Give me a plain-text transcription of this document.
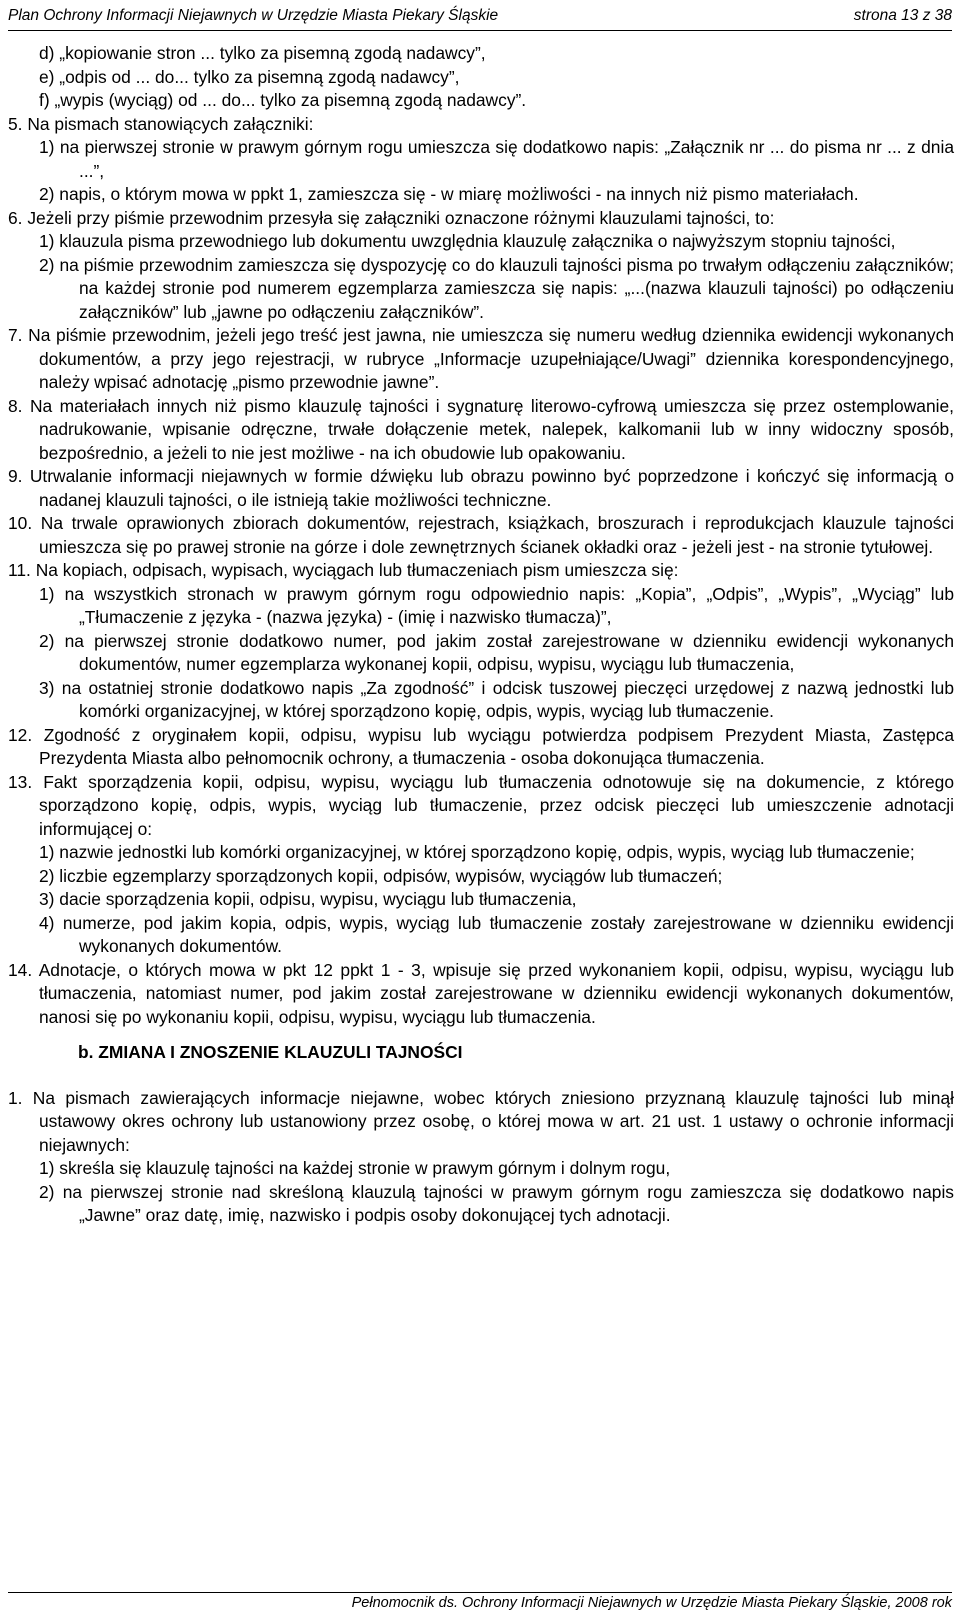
Plan Ochrony Informacji Niejawnych w Urzędzie Miasta Piekary Śląskie	strona 13 z 38
d) „kopiowanie stron ... tylko za pisemną zgodą nadawcy”,
e) „odpis od ... do... tylko za pisemną zgodą nadawcy”,
f) „wypis (wyciąg) od ... do... tylko za pisemną zgodą nadawcy”.
5. Na pismach stanowiących załączniki:
1) na pierwszej stronie w prawym górnym rogu umieszcza się dodatkowo napis: „Załącznik nr ... do pisma nr ... z dnia ...”,
2) napis, o którym mowa w ppkt 1, zamieszcza się - w miarę możliwości - na innych niż pismo materiałach.
6. Jeżeli przy piśmie przewodnim przesyła się załączniki oznaczone różnymi klauzulami tajności, to:
1) klauzula pisma przewodniego lub dokumentu uwzględnia klauzulę załącznika o najwyższym stopniu tajności,
2) na piśmie przewodnim zamieszcza się dyspozycję co do klauzuli tajności pisma po trwałym odłączeniu załączników; na każdej stronie pod numerem egzemplarza zamieszcza się napis: „...(nazwa klauzuli tajności) po odłączeniu załączników” lub „jawne po odłączeniu załączników”.
7. Na piśmie przewodnim, jeżeli jego treść jest jawna, nie umieszcza się numeru według dziennika ewidencji wykonanych dokumentów, a przy jego rejestracji, w rubryce „Informacje uzupełniające/Uwagi” dziennika korespondencyjnego, należy wpisać adnotację „pismo przewodnie jawne”.
8. Na materiałach innych niż pismo klauzulę tajności i sygnaturę literowo-cyfrową umieszcza się przez ostemplowanie, nadrukowanie, wpisanie odręczne, trwałe dołączenie metek, nalepek, kalkomanii lub w inny widoczny sposób, bezpośrednio, a jeżeli to nie jest możliwe - na ich obudowie lub opakowaniu.
9. Utrwalanie informacji niejawnych w formie dźwięku lub obrazu powinno być poprzedzone i kończyć się informacją o nadanej klauzuli tajności, o ile istnieją takie możliwości techniczne.
10. Na trwale oprawionych zbiorach dokumentów, rejestrach, książkach, broszurach i reprodukcjach klauzule tajności umieszcza się po prawej stronie na górze i dole zewnętrznych ścianek okładki oraz - jeżeli jest - na stronie tytułowej.
11. Na kopiach, odpisach, wypisach, wyciągach lub tłumaczeniach pism umieszcza się:
1) na wszystkich stronach w prawym górnym rogu odpowiednio napis: „Kopia”, „Odpis”, „Wypis”, „Wyciąg” lub „Tłumaczenie z języka - (nazwa języka) - (imię i nazwisko tłumacza)”,
2) na pierwszej stronie dodatkowo numer, pod jakim został zarejestrowane w dzienniku ewidencji wykonanych dokumentów, numer egzemplarza wykonanej kopii, odpisu, wypisu, wyciągu lub tłumaczenia,
3) na ostatniej stronie dodatkowo napis „Za zgodność” i odcisk tuszowej pieczęci urzędowej z nazwą jednostki lub komórki organizacyjnej, w której sporządzono kopię, odpis, wypis, wyciąg lub tłumaczenie.
12. Zgodność z oryginałem kopii, odpisu, wypisu lub wyciągu potwierdza podpisem Prezydent Miasta, Zastępca Prezydenta Miasta albo pełnomocnik ochrony, a tłumaczenia - osoba dokonująca tłumaczenia.
13. Fakt sporządzenia kopii, odpisu, wypisu, wyciągu lub tłumaczenia odnotowuje się na dokumencie, z którego sporządzono kopię, odpis, wypis, wyciąg lub tłumaczenie, przez odcisk pieczęci lub umieszczenie adnotacji informującej o:
1) nazwie jednostki lub komórki organizacyjnej, w której sporządzono kopię, odpis, wypis, wyciąg lub tłumaczenie;
2) liczbie egzemplarzy sporządzonych kopii, odpisów, wypisów, wyciągów lub tłumaczeń;
3) dacie sporządzenia kopii, odpisu, wypisu, wyciągu lub tłumaczenia,
4) numerze, pod jakim kopia, odpis, wypis, wyciąg lub tłumaczenie zostały zarejestrowane w dzienniku ewidencji wykonanych dokumentów.
14. Adnotacje, o których mowa w pkt 12 ppkt 1 - 3, wpisuje się przed wykonaniem kopii, odpisu, wypisu, wyciągu lub tłumaczenia, natomiast numer, pod jakim został zarejestrowane w dzienniku ewidencji wykonanych dokumentów, nanosi się po wykonaniu kopii, odpisu, wypisu, wyciągu lub tłumaczenia.
b. ZMIANA I ZNOSZENIE KLAUZULI TAJNOŚCI
1. Na pismach zawierających informacje niejawne, wobec których zniesiono przyznaną klauzulę tajności lub minął ustawowy okres ochrony lub ustanowiony przez osobę, o której mowa w art. 21 ust. 1 ustawy o ochronie informacji niejawnych:
1) skreśla się klauzulę tajności na każdej stronie w prawym górnym i dolnym rogu,
2) na pierwszej stronie nad skreśloną klauzulą tajności w prawym górnym rogu zamieszcza się dodatkowo napis „Jawne” oraz datę, imię, nazwisko i podpis osoby dokonującej tych adnotacji.
Pełnomocnik ds. Ochrony Informacji Niejawnych w Urzędzie Miasta Piekary Śląskie, 2008 rok
